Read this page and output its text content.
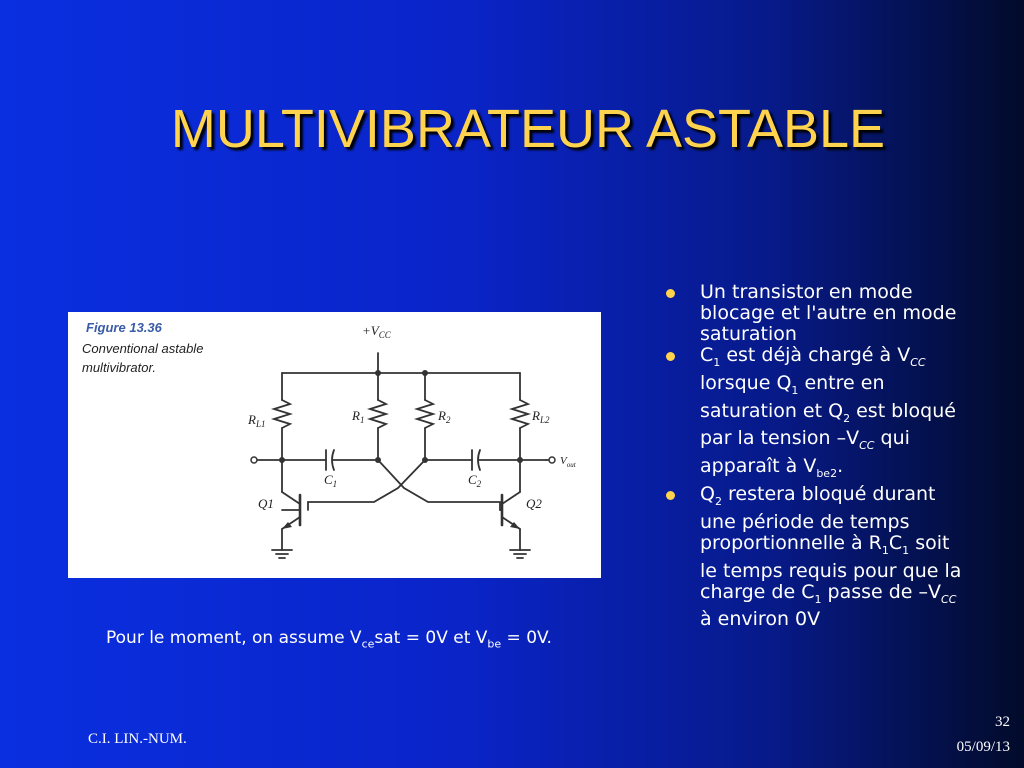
MULTIVIBRATEUR ASTABLE
Figure 13.36
Conventional astable
multivibrator.
$+V_{CC}$
$R_{L1}$
$R_1$	$R_2$	$R_{L2}$
$C_1$	$C_2$
Q1	Q2
$V_{out}$
Un transistor en mode blocage et l'autre en mode saturation
$C_1$ est déjà chargé à $V_{CC}$ lorsque $Q_1$ entre en saturation et $Q_2$ est bloqué par la tension $-V_{CC}$ qui apparaît à $V_{be2}$.
$Q_2$ restera bloqué durant une période de temps proportionnelle à $R_1C_1$ soit le temps requis pour que la charge de $C_1$ passe de $-V_{CC}$ à environ 0V
Pour le moment, on assume $V_{ce}sat = 0V$ et $V_{be} = 0V$.
C.I. LIN.-NUM.
32
05/09/13
